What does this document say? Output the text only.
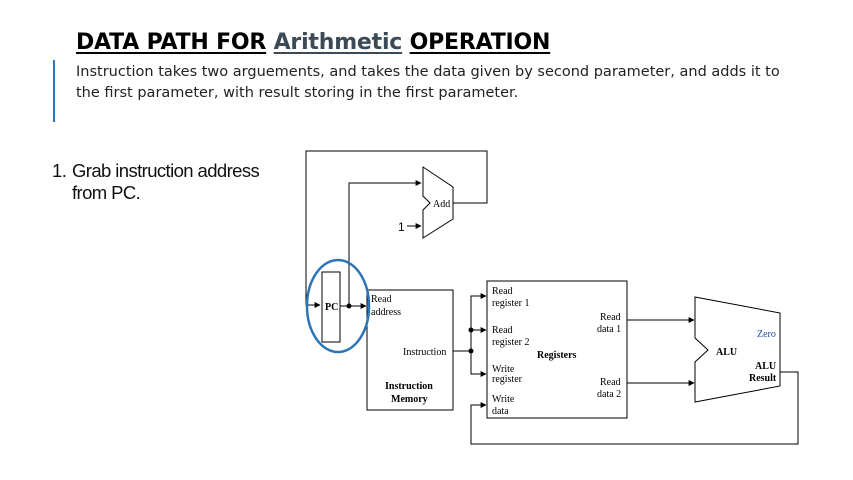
DATA PATH FOR Arithmetic OPERATION

Instruction takes two arguements, and takes the data given by second parameter, and adds it to the first parameter, with result storing in the first parameter.

1. Grab instruction address
from PC.

1
Add
PC
Read
address
Instruction
Instruction
Memory
Read
register 1
Read
register 2
Write
register
Write
data
Read
data 1
Read
data 2
Registers	ALU
Zero
ALU
Result
